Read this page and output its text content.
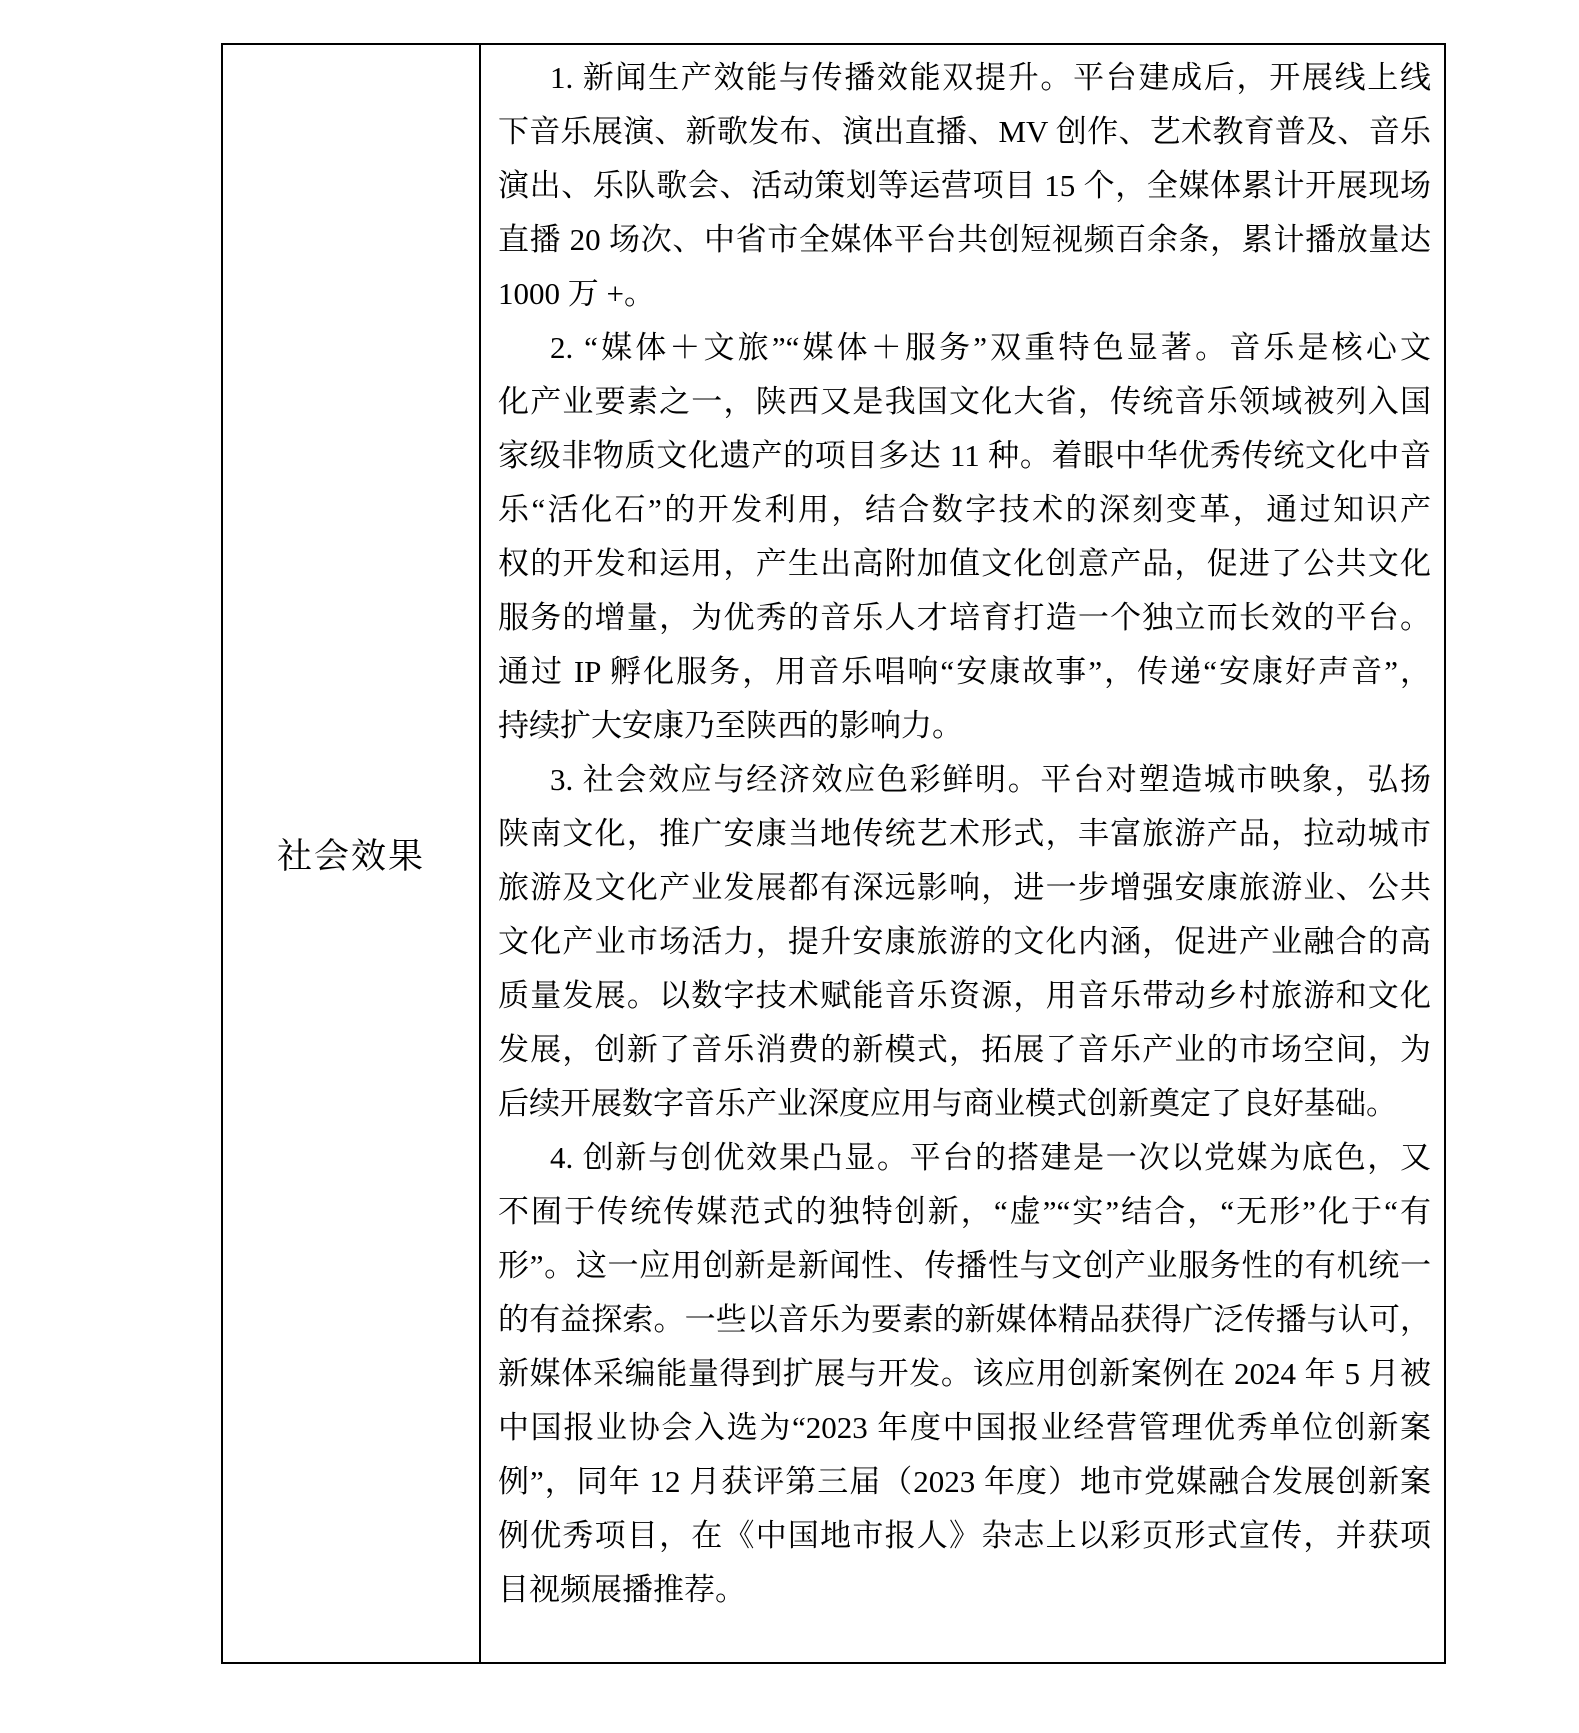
社会效果
1. 新闻生产效能与传播效能双提升。平台建成后，开展线上线
下音乐展演、新歌发布、演出直播、MV 创作、艺术教育普及、音乐
演出、乐队歌会、活动策划等运营项目 15 个，全媒体累计开展现场
直播 20 场次、中省市全媒体平台共创短视频百余条，累计播放量达
1000 万 +。
2. “媒体＋文旅”“媒体＋服务”双重特色显著。音乐是核心文
化产业要素之一，陕西又是我国文化大省，传统音乐领域被列入国
家级非物质文化遗产的项目多达 11 种。着眼中华优秀传统文化中音
乐“活化石”的开发利用，结合数字技术的深刻变革，通过知识产
权的开发和运用，产生出高附加值文化创意产品，促进了公共文化
服务的增量，为优秀的音乐人才培育打造一个独立而长效的平台。
通过 IP 孵化服务，用音乐唱响“安康故事”，传递“安康好声音”，
持续扩大安康乃至陕西的影响力。
3. 社会效应与经济效应色彩鲜明。平台对塑造城市映象，弘扬
陕南文化，推广安康当地传统艺术形式，丰富旅游产品，拉动城市
旅游及文化产业发展都有深远影响，进一步增强安康旅游业、公共
文化产业市场活力，提升安康旅游的文化内涵，促进产业融合的高
质量发展。以数字技术赋能音乐资源，用音乐带动乡村旅游和文化
发展，创新了音乐消费的新模式，拓展了音乐产业的市场空间，为
后续开展数字音乐产业深度应用与商业模式创新奠定了良好基础。
4. 创新与创优效果凸显。平台的搭建是一次以党媒为底色，又
不囿于传统传媒范式的独特创新，“虚”“实”结合，“无形”化于“有
形”。这一应用创新是新闻性、传播性与文创产业服务性的有机统一
的有益探索。一些以音乐为要素的新媒体精品获得广泛传播与认可，
新媒体采编能量得到扩展与开发。该应用创新案例在 2024 年 5 月被
中国报业协会入选为“2023 年度中国报业经营管理优秀单位创新案
例”，同年 12 月获评第三届（2023 年度）地市党媒融合发展创新案
例优秀项目，在《中国地市报人》杂志上以彩页形式宣传，并获项
目视频展播推荐。
